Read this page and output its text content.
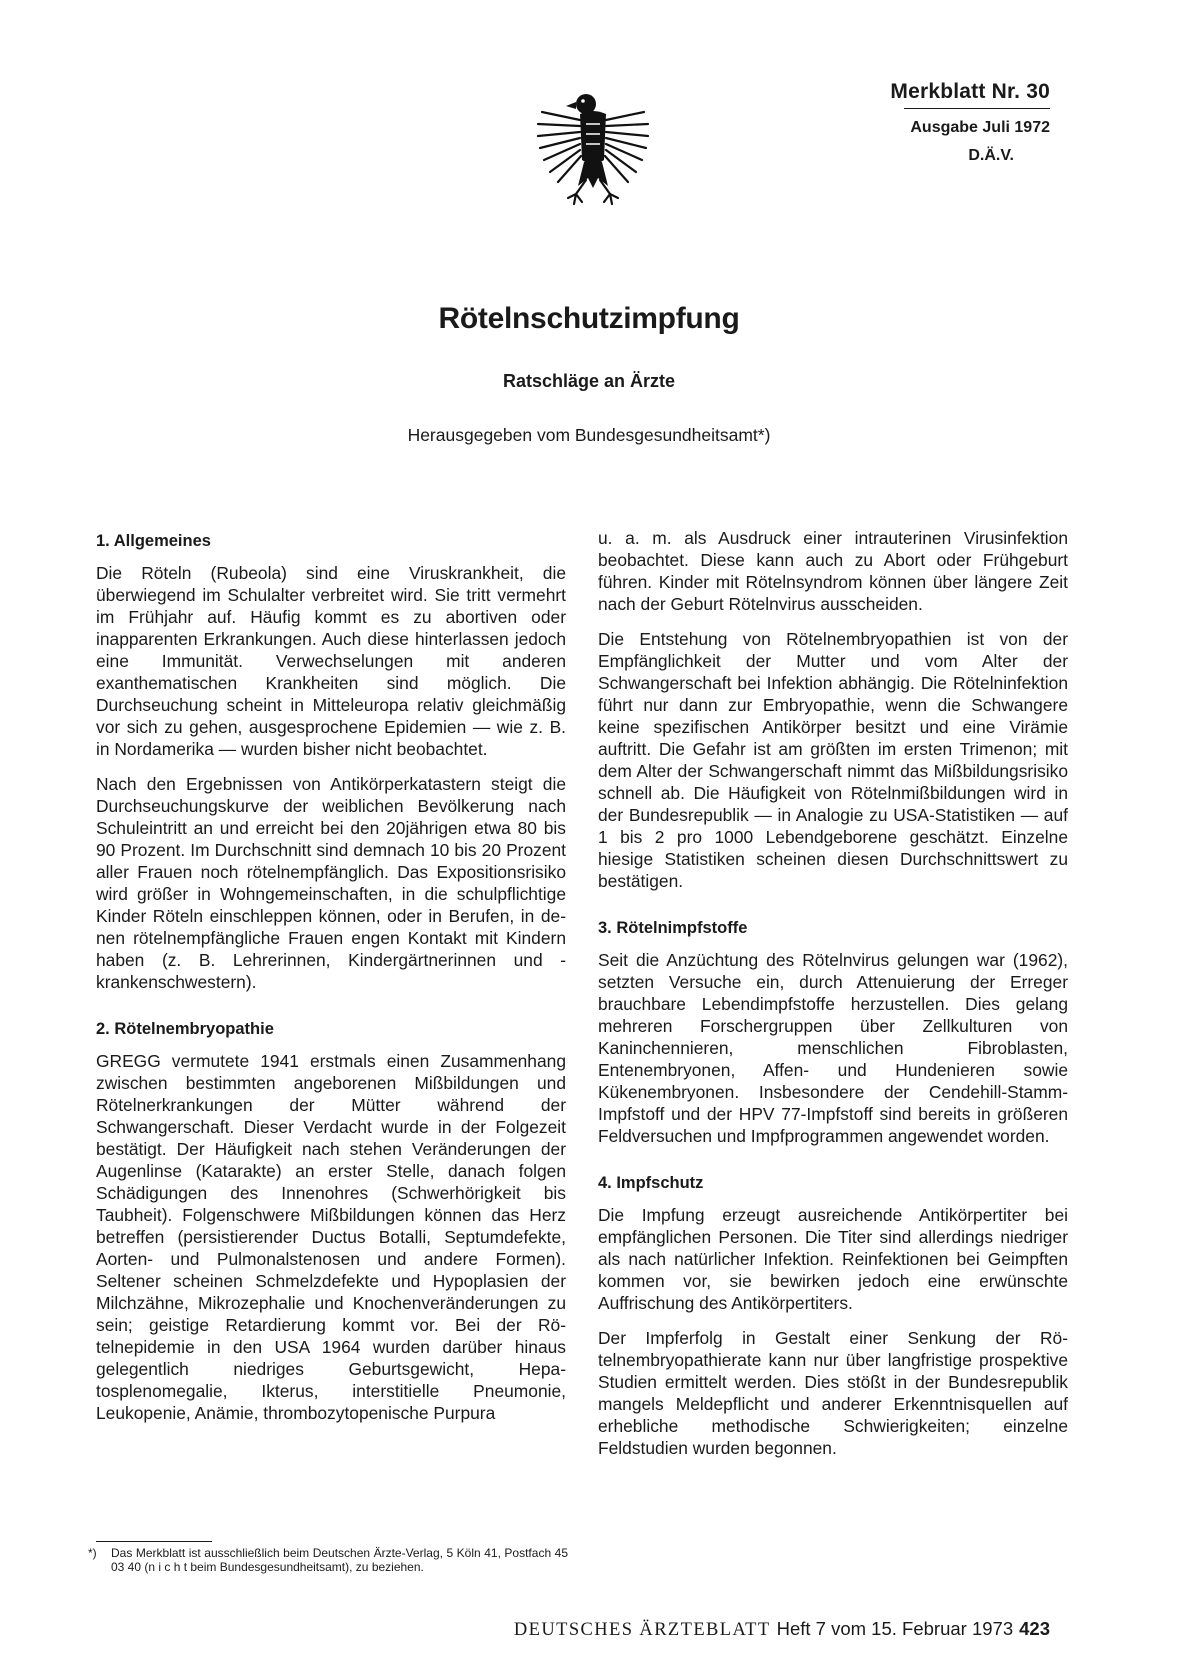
Merkblatt Nr. 30
Ausgabe Juli 1972
D.Ä.V.
Rötelnschutzimpfung
Ratschläge an Ärzte
Herausgegeben vom Bundesgesundheitsamt*)
1. Allgemeines

Die Röteln (Rubeola) sind eine Viruskrankheit, die überwiegend im Schulalter verbreitet wird. Sie tritt vermehrt im Frühjahr auf. Häufig kommt es zu abortiven oder inapparenten Erkrankungen. Auch diese hinterlassen jedoch eine Immunität. Verwechselungen mit anderen exanthematischen Krankheiten sind möglich. Die Durchseuchung scheint in Mitteleuropa relativ gleichmäßig vor sich zu gehen, ausgesprochene Epidemien — wie z. B. in Nordamerika — wurden bisher nicht beobachtet.

Nach den Ergebnissen von Antikörperkatastern steigt die Durchseuchungskurve der weiblichen Bevölkerung nach Schuleintritt an und erreicht bei den 20jährigen etwa 80 bis 90 Prozent. Im Durchschnitt sind demnach 10 bis 20 Prozent aller Frauen noch rötelnempfänglich. Das Expositionsrisiko wird größer in Wohngemeinschaften, in die schulpflichtige Kinder Röteln einschleppen können, oder in Berufen, in denen rötelnempfängliche Frauen engen Kontakt mit Kindern haben (z. B. Lehrerinnen, Kindergärtnerinnen und -krankenschwestern).

2. Rötelnembryopathie

GREGG vermutete 1941 erstmals einen Zusammenhang zwischen bestimmten angeborenen Mißbildungen und Rötelnerkrankungen der Mütter während der Schwangerschaft. Dieser Verdacht wurde in der Folgezeit bestätigt. Der Häufigkeit nach stehen Veränderungen der Augenlinse (Katarakte) an erster Stelle, danach folgen Schädigungen des Innenohres (Schwerhörigkeit bis Taubheit). Folgenschwere Mißbildungen können das Herz betreffen (persistierender Ductus Botalli, Septumdefekte, Aorten- und Pulmonalstenosen und andere Formen). Seltener scheinen Schmelzdefekte und Hypoplasien der Milchzähne, Mikrozephalie und Knochenveränderungen zu sein; geistige Retardierung kommt vor. Bei der Rötelnepidemie in den USA 1964 wurden darüber hinaus gelegentlich niedriges Geburtsgewicht, Hepatosplenomegalie, Ikterus, interstitielle Pneumonie, Leukopenie, Anämie, thrombozytopenische Purpura

u. a. m. als Ausdruck einer intrauterinen Virusinfektion beobachtet. Diese kann auch zu Abort oder Frühgeburt führen. Kinder mit Rötelnsyndrom können über längere Zeit nach der Geburt Rötelnvirus ausscheiden.

Die Entstehung von Rötelnembryopathien ist von der Empfänglichkeit der Mutter und vom Alter der Schwangerschaft bei Infektion abhängig. Die Rötelninfektion führt nur dann zur Embryopathie, wenn die Schwangere keine spezifischen Antikörper besitzt und eine Virämie auftritt. Die Gefahr ist am größten im ersten Trimenon; mit dem Alter der Schwangerschaft nimmt das Mißbildungsrisiko schnell ab. Die Häufigkeit von Rötelnmißbildungen wird in der Bundesrepublik — in Analogie zu USA-Statistiken — auf 1 bis 2 pro 1000 Lebendgeborene geschätzt. Einzelne hiesige Statistiken scheinen diesen Durchschnittswert zu bestätigen.

3. Rötelnimpfstoffe

Seit die Anzüchtung des Rötelnvirus gelungen war (1962), setzten Versuche ein, durch Attenuierung der Erreger brauchbare Lebendimpfstoffe herzustellen. Dies gelang mehreren Forschergruppen über Zellkulturen von Kaninchennieren, menschlichen Fibroblasten, Entenembryonen, Affen- und Hundenieren sowie Kükenembryonen. Insbesondere der Cendehill-Stamm-Impfstoff und der HPV 77-Impfstoff sind bereits in größeren Feldversuchen und Impfprogrammen angewendet worden.

4. Impfschutz

Die Impfung erzeugt ausreichende Antikörpertiter bei empfänglichen Personen. Die Titer sind allerdings niedriger als nach natürlicher Infektion. Reinfektionen bei Geimpften kommen vor, sie bewirken jedoch eine erwünschte Auffrischung des Antikörpertiters.

Der Impferfolg in Gestalt einer Senkung der Rötelnembryopathierate kann nur über langfristige prospektive Studien ermittelt werden. Dies stößt in der Bundesrepublik mangels Meldepflicht und anderer Erkenntnisquellen auf erhebliche methodische Schwierigkeiten; einzelne Feldstudien wurden begonnen.

*) Das Merkblatt ist ausschließlich beim Deutschen Ärzte-Verlag, 5 Köln 41, Postfach 45 03 40 (n i c h t beim Bundesgesundheitsamt), zu beziehen.
DEUTSCHES ÄRZTEBLATT Heft 7 vom 15. Februar 1973 423
